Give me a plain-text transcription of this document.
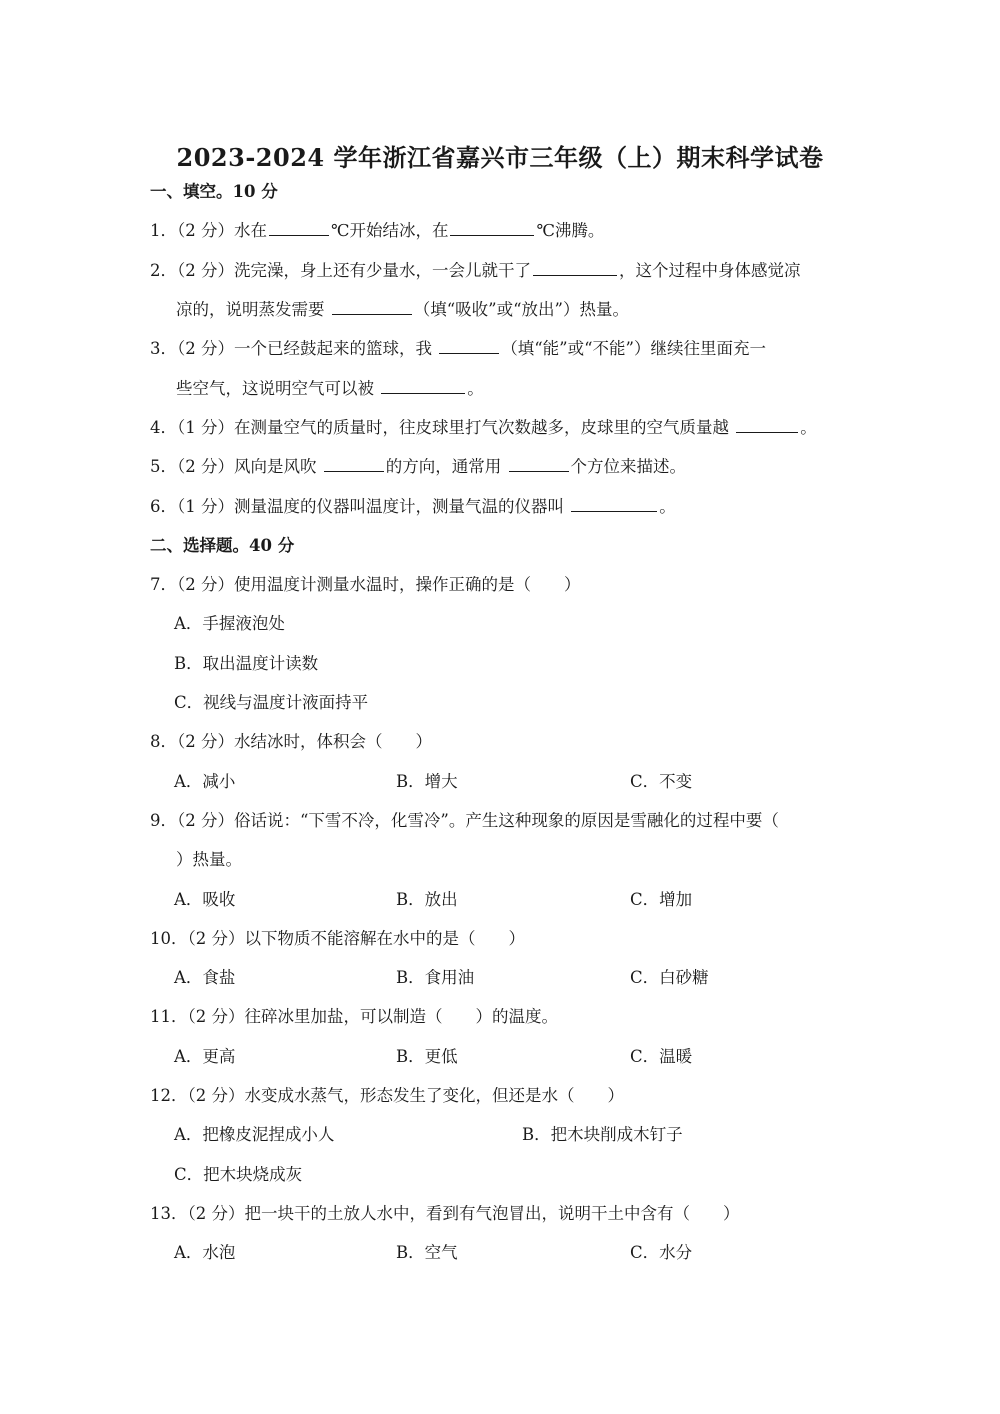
2023-2024 学年浙江省嘉兴市三年级（上）期末科学试卷
一、填空。10 分
1．（2 分）水在	℃开始结冰，在	℃沸腾。
2．（2 分）洗完澡，身上还有少量水，一会儿就干了	，这个过程中身体感觉凉
凉的，说明蒸发需要	（填“吸收”或“放出”）热量。
3．（2 分）一个已经鼓起来的篮球，我	（填“能”或“不能”）继续往里面充一
些空气，这说明空气可以被	。
4．（1 分）在测量空气的质量时，往皮球里打气次数越多，皮球里的空气质量越	。
5．（2 分）风向是风吹	的方向，通常用	个方位来描述。
6．（1 分）测量温度的仪器叫温度计，测量气温的仪器叫	。
二、选择题。40 分
7．（2 分）使用温度计测量水温时，操作正确的是（　　）
A．手握液泡处
B．取出温度计读数
C．视线与温度计液面持平
8．（2 分）水结冰时，体积会（　　）
A．减小	B．增大	C．不变
9．（2 分）俗话说：“下雪不冷，化雪冷”。产生这种现象的原因是雪融化的过程中要（
）热量。
A．吸收	B．放出	C．增加
10．（2 分）以下物质不能溶解在水中的是（　　）
A．食盐	B．食用油	C．白砂糖
11．（2 分）往碎冰里加盐，可以制造（　　）的温度。
A．更高	B．更低	C．温暖
12．（2 分）水变成水蒸气，形态发生了变化，但还是水（　　）
A．把橡皮泥捏成小人	B．把木块削成木钉子
C．把木块烧成灰
13．（2 分）把一块干的土放人水中，看到有气泡冒出，说明干土中含有（　　）
A．水泡	B．空气	C．水分
